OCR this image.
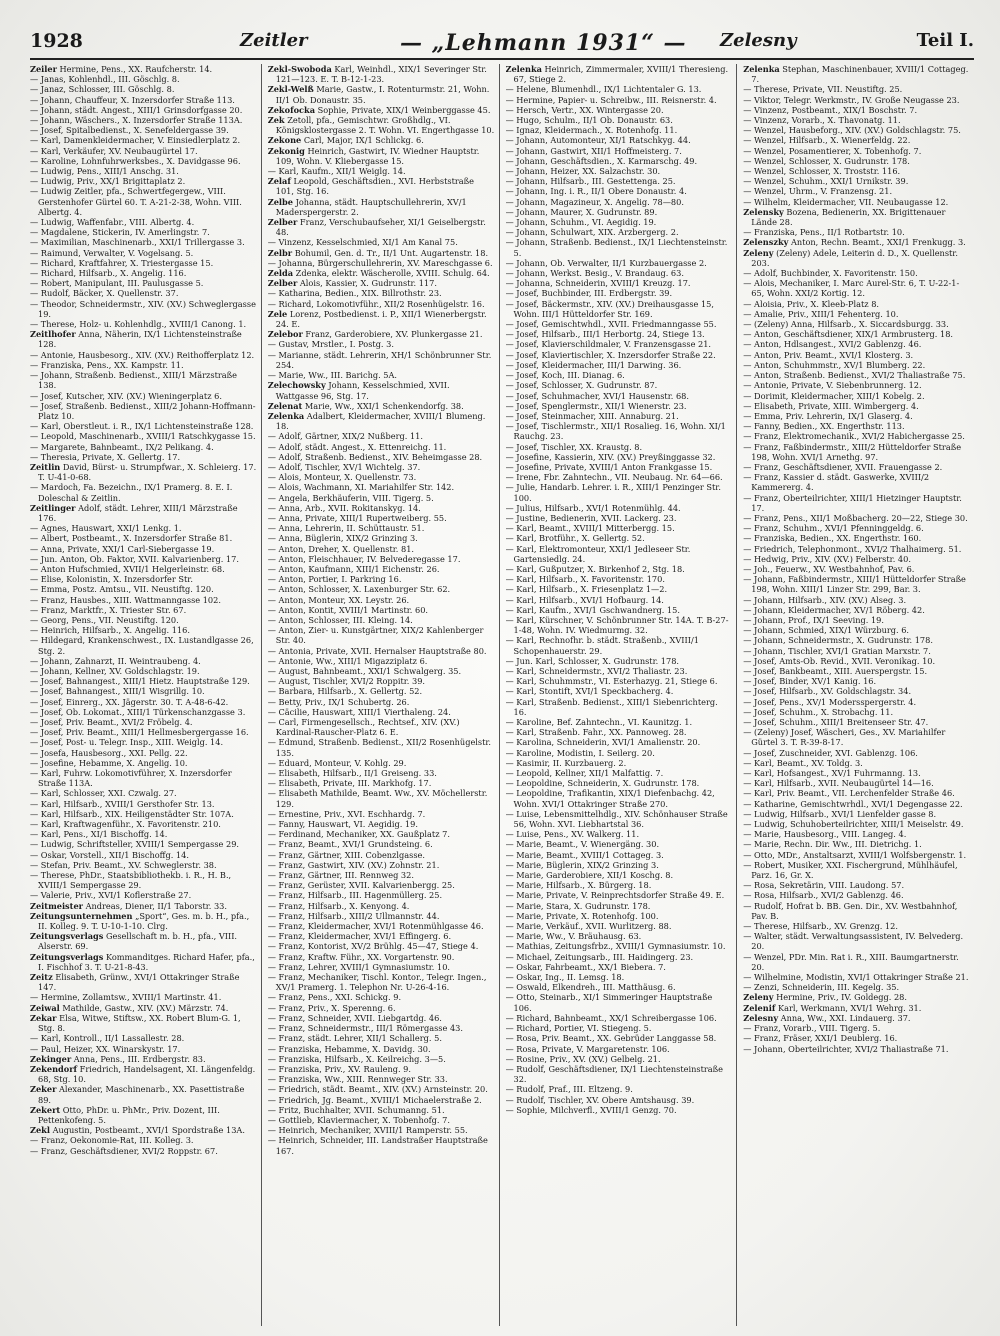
1928	Zeitler	— „Lehmann 1931“ — Zelesny	Teil I.

Zeiler Hermine, Pens., XX. Raufcherstr. 14.

— Janas, Kohlenhdl., III. Göschlg. 8.

— Janaz, Schlosser, III. Göschlg. 8.

— Johann, Chauffeur, X. Inzersdorfer Straße 113.

— Johann, städt. Angest., XIII/1 Grinsdorfgasse 20.

— Johann, Wäschers., X. Inzersdorfer Straße 113A.

— Josef, Spitalbedienst., X. Senefeldergasse 39.

— Karl, Damenkleidermacher, V. Einsiedlerplatz 2.

— Karl, Verkäufer, XV. Neubaugürtel 17.

— Karoline, Lohnfuhrwerksbes., X. Davidgasse 96.

— Ludwig, Pens., XIII/1 Anschg. 31.

— Ludwig, Priv., XX/1 Brigittaplatz 2.

— Ludwig Zeitler, pfa., Schwertfegergew., VIII. Gerstenhofer Gürtel 60. T. A-21-2-38, Wohn. VIII. Albertg. 4.

— Ludwig, Waffenfabr., VIII. Albertg. 4.

— Magdalene, Stickerin, IV. Amerlingstr. 7.

— Maximilian, Maschinenarb., XXI/1 Trillergasse 3.

— Raimund, Verwalter, V. Vogelsang. 5.

— Richard, Kraftfahrer, X. Triestergasse 15.

— Richard, Hilfsarb., X. Angelig. 116.

— Robert, Manipulant, III. Paulusgasse 5.

— Rudolf, Bäcker, X. Quellenstr. 37.

— Theodor, Schneidermstr., XIV. (XV.) Schweglergasse 19.

— Therese, Holz- u. Kohlenhdlg., XVIII/1 Canong. 1.

Zeitlhofer Anna, Näherin, IX/1 Lichtensteinstraße 128.

— Antonie, Hausbesorg., XIV. (XV.) Reithofferplatz 12.

— Franziska, Pens., XX. Kampstr. 11.

— Johann, Straßenb. Bedienst., XIII/1 Märzstraße 138.

— Josef, Kutscher, XIV. (XV.) Wieningerplatz 6.

— Josef, Straßenb. Bedienst., XIII/2 Johann-Hoffmann-Platz 10.

— Karl, Oberstleut. i. R., IX/1 Lichtensteinstraße 128.

— Leopold, Maschinenarb., XVIII/1 Ratschkygasse 15.

— Margarete, Bahnbeamt., IX/2 Pelikang. 4.

— Theresia, Private, X. Gellertg. 17.

Zeitlin David, Bürst- u. Strumpfwar., X. Schleierg. 17. T. U-41-0-68.

— Mardoch, Fa. Bezeichn., IX/1 Pramerg. 8. E. I. Doleschal & Zeitlin.

Zeitlinger Adolf, städt. Lehrer, XIII/1 Märzstraße 176.

— Agnes, Hauswart, XXI/1 Lenkg. 1.

— Albert, Postbeamt., X. Inzersdorfer Straße 81.

— Anna, Private, XXI/1 Carl-Siebergasse 19.

— Jun. Anton, Ob. Faktor, XVII. Kalvarienberg. 17.

— Anton Hufschmied, XVII/1 Helgerleinstr. 68.

— Elise, Kolonistin, X. Inzersdorfer Str.

— Emma, Postz. Amtsu., VII. Neustiftg. 120.

— Franz, Hausbes., XIII. Wattmanngasse 102.

— Franz, Marktfr., X. Triester Str. 67.

— Georg, Pens., VII. Neustiftg. 120.

— Heinrich, Hilfsarb., X. Angelig. 116.

— Hildegard, Krankenschwest., IX. Lustandlgasse 26, Stg. 2.

— Johann, Zahnarzt, II. Weintraubeng. 4.

— Johann, Kellner, XV. Goldschlagstr. 19.

— Josef, Bahnangest., XIII/1 Hietz. Hauptstraße 129.

— Josef, Bahnangest., XIII/1 Wisgrillg. 10.

— Josef, Einrerg., XX. Jägerstr. 30. T. A-48-6-42.

— Josef, Ob. Lokomat., XIII/1 Türkenschanzgasse 3.

— Josef, Priv. Beamt., XVI/2 Fröbelg. 4.

— Josef, Priv. Beamt., XIII/1 Hellmesbergergasse 16.

— Josef, Post- u. Telegr. Insp., XIII. Weiglg. 14.

— Josefa, Hausbesorg., XXI. Pellg. 22.

— Josefine, Hebamme, X. Angelig. 10.

— Karl, Fuhrw. Lokomotivführer, X. Inzersdorfer Straße 113A.

— Karl, Schlosser, XXI. Czwalg. 27.

— Karl, Hilfsarb., XVIII/1 Gersthofer Str. 13.

— Karl, Hilfsarb., XIX. Heiligenstädter Str. 107A.

— Karl, Kraftwagenführ., X. Favoritenstr. 210.

— Karl, Pens., XI/1 Bischoffg. 14.

— Ludwig, Schriftsteller, XVIII/1 Sempergasse 29.

— Oskar, Vorstell., XII/1 Bischoffg. 14.

— Stefan, Priv. Beamt., XV. Schweglerstr. 38.

— Therese, PhDr., Staatsbibliothekb. i. R., H. B., XVIII/1 Sempergasse 29.

— Valerie, Priv., XVI/1 Koflerstraße 27.

Zeitmeister Andreas, Diener, II/1 Taborstr. 33.

Zeitungsunternehmen „Sport“, Ges. m. b. H., pfa., II. Kolleg. 9. T. U-10-1-10. Clrg.

Zeitungsverlags Gesellschaft m. b. H., pfa., VIII. Alserstr. 69.

Zeitungsverlags Kommanditges. Richard Hafer, pfa., I. Fischhof 3. T. U-21-8-43.

Zeitz Elisabeth, Grünw., XVI/1 Ottakringer Straße 147.

— Hermine, Zollamtsw., XVIII/1 Martinstr. 41.

Zeiwal Mathilde, Gastw., XIV. (XV.) Märzstr. 74.

Zekar Elsa, Witwe, Stiftsw., XX. Robert Blum-G. 1, Stg. 8.

— Karl, Kontroll., II/1 Lassallestr. 28.

— Paul, Heizer, XX. Winarskystr. 17.

Zekinger Anna, Pens., III. Erdbergstr. 83.

Zekendorf Friedrich, Handelsagent, XI. Längenfeldg. 68, Stg. 10.

Zeker Alexander, Maschinenarb., XX. Pasettistraße 89.

Zekert Otto, PhDr. u. PhMr., Priv. Dozent, III. Pettenkofeng. 5.

Zekl Augustin, Postbeamt., XVI/1 Spordstraße 13A.

— Franz, Oekonomie-Rat, III. Kolleg. 3.

— Franz, Geschäftsdiener, XVI/2 Roppstr. 67.

Zekl-Swoboda Karl, Weinhdl., XIX/1 Severinger Str. 121—123. E. T. B-12-1-23.

Zekl-Welß Marie, Gastw., I. Rotenturmstr. 21, Wohn. II/1 Ob. Donaustr. 35.

Zekofocka Sophie, Private, XIX/1 Weinberggasse 45.

Zek Zetoll, pfa., Gemischtwr. Großhdlg., VI. Königsklostergasse 2. T. Wohn. VI. Engerthgasse 10.

Zekone Carl, Major, IX/1 Schlickg. 6.

Zekonig Heinrich, Gastwirt, IV. Wiedner Hauptstr. 109, Wohn. V. Kliebergasse 15.

— Karl, Kaufm., XII/1 Weiglg. 14.

Zelaf Leopold, Geschäftsdien., XVI. Herbststraße 101, Stg. 16.

Zelbe Johanna, städt. Hauptschullehrerin, XV/1 Maderspergerstr. 2.

Zelber Franz, Verschubaufseher, XI/1 Geiselbergstr. 48.

— Vinzenz, Kesselschmied, XI/1 Am Kanal 75.

Zelbr Bohumil, Gen. d. Tr., II/1 Unt. Augartenstr. 18.

— Johanna, Bürgerschullehrerin, XV. Mareschgasse 6.

Zelda Zdenka, elektr. Wäscherolle, XVIII. Schulg. 64.

Zelber Alois, Kassier, X. Gudrunstr. 117.

— Katharina, Bedien., XIX. Billrothstr. 23.

— Richard, Lokomotivführ., XII/2 Rosenhügelstr. 16.

Zele Lorenz, Postbedienst. i. P., XII/1 Wienerbergstr. 24. E.

Zelebor Franz, Garderobiere, XV. Plunkergasse 21.

— Gustav, Mrstler., I. Postg. 3.

— Marianne, städt. Lehrerin, XH/1 Schönbrunner Str. 254.

— Marie, Ww., III. Barichg. 5A.

Zelechowsky Johann, Kesselschmied, XVII. Wattgasse 96, Stg. 17.

Zelenat Marie, Ww., XXI/1 Schenkendorfg. 38.

Zelenka Adalbert, Kleidermacher, XVIII/1 Blumeng. 18.

— Adolf, Gärtner, XIX/2 Nußberg. 11.

— Adolf, städt. Angest., X. Ettenreichg. 11.

— Adolf, Straßenb. Bedienst., XIV. Beheimgasse 28.

— Adolf, Tischler, XV/1 Wichtelg. 37.

— Alois, Monteur, X. Quellenstr. 73.

— Alois, Wachmann, XI. Mariahilfer Str. 142.

— Angela, Berkhäuferin, VIII. Tigerg. 5.

— Anna, Arb., XVII. Rokitanskyg. 14.

— Anna, Private, XIII/1 Rupertweiberg. 55.

— Anna, Lehrerin, II. Schüttaustr. 51.

— Anna, Büglerin, XIX/2 Grinzing 3.

— Anton, Dreher, X. Quellenstr. 81.

— Anton, Fleischhauer, IV. Belvederegasse 17.

— Anton, Kaufmann, XIII/1 Eichenstr. 26.

— Anton, Portier, I. Parkring 16.

— Anton, Schlosser, X. Laxenburger Str. 62.

— Anton, Monteur, XX. Leystr. 26.

— Anton, Kontit, XVIII/1 Martinstr. 60.

— Anton, Schlosser, III. Kleing. 14.

— Anton, Zier- u. Kunstgärtner, XIX/2 Kahlenberger Str. 40.

— Antonia, Private, XVII. Hernalser Hauptstraße 80.

— Antonie, Ww., XIII/1 Migazziplatz 6.

— August, Bahnbeamt., XXI/1 Schwalgerg. 35.

— August, Tischler, XVI/2 Roppitr. 39.

— Barbara, Hilfsarb., X. Gellertg. 52.

— Betty, Priv., IX/1 Schubertg. 26.

— Cäcilie, Hauswart, XIII/1 Vierthaleng. 24.

— Carl, Firmengesellsch., Rechtsef., XIV. (XV.) Kardinal-Rauscher-Platz 6. E.

— Edmund, Straßenb. Bedienst., XII/2 Rosenhügelstr. 135.

— Eduard, Monteur, V. Kohlg. 29.

— Elisabeth, Hilfsarb., II/1 Greiseng. 33.

— Elisabeth, Private, III. Markhofg. 17.

— Elisabeth Mathilde, Beamt. Ww., XV. Möchellerstr. 129.

— Ernestine, Priv., XVI. Eschhardg. 7.

— Fanny, Hauswart, VI. Aegidig. 19.

— Ferdinand, Mechaniker, XX. Gaußplatz 7.

— Franz, Beamt., XVI/1 Grundsteing. 6.

— Franz, Gärtner, XIII. Cobenzlgasse.

— Franz, Gastwirt, XIV. (XV.) Zohnstr. 21.

— Franz, Gärtner, III. Rennweg 32.

— Franz, Gerüster, XVII. Kalvarienbergg. 25.

— Franz, Hilfsarb., III. Hagenmüllerg. 25.

— Franz, Hilfsarb., X. Kenyong. 4.

— Franz, Hilfsarb., XIII/2 Ullmannstr. 44.

— Franz, Kleidermacher, XVI/1 Rotenmühlgasse 46.

— Franz, Kleidermacher, XVI/1 Effingerg. 6.

— Franz, Kontorist, XV/2 Brühlg. 45—47, Stiege 4.

— Franz, Kraftw. Führ., XX. Vorgartenstr. 90.

— Franz, Lehrer, XVIII/1 Gymnasiumstr. 10.

— Franz, Mechaniker, Tischl. Kontor., Telegr. Ingen., XV/1 Pramerg. 1. Telephon Nr. U-26-4-16.

— Franz, Pens., XXI. Schickg. 9.

— Franz, Priv., X. Sperenng. 6.

— Franz, Schneider, XVII. Liebgartdg. 46.

— Franz, Schneidermstr., III/1 Römergasse 43.

— Franz, städt. Lehrer, XII/1 Schallerg. 5.

— Franziska, Hebamme, X. Davidg. 30.

— Franziska, Hilfsarb., X. Keilreichg. 3—5.

— Franziska, Priv., XV. Rauleng. 9.

— Franziska, Ww., XIII. Rennweger Str. 33.

— Friedrich, städt. Beamt., XIV. (XV.) Arnsteinstr. 20.

— Friedrich, Jg. Beamt., XVIII/1 Michaelerstraße 2.

— Fritz, Buchhalter, XVII. Schumanng. 51.

— Gottlieb, Klaviermacher, X. Tobenhofg. 7.

— Heinrich, Mechaniker, XVIII/1 Ramperstr. 55.

— Heinrich, Schneider, III. Landstraßer Hauptstraße 167.

Zelenka Heinrich, Zimmermaler, XVIII/1 Theresieng. 67, Stiege 2.

— Helene, Blumenhdl., IX/1 Lichtentaler G. 13.

— Hermine, Papier- u. Schreibw., III. Reisnerstr. 4.

— Hersch, Vertr., XX. Wintergasse 20.

— Hugo, Schulm., II/1 Ob. Donaustr. 63.

— Ignaz, Kleidermach., X. Rotenhofg. 11.

— Johann, Automonteur, XI/1 Ratschkyg. 44.

— Johann, Gastwirt, XII/1 Hoffmeisterg. 7.

— Johann, Geschäftsdien., X. Karmarschg. 49.

— Johann, Heizer, XX. Salzachstr. 30.

— Johann, Hilfsarb., III. Gestettenga. 25.

— Johann, Ing. i. R., II/1 Obere Donaustr. 4.

— Johann, Magazineur, X. Angelig. 78—80.

— Johann, Maurer, X. Gudrunstr. 89.

— Johann, Schuhm., VI. Aegidig. 19.

— Johann, Schulwart, XIX. Arzbergerg. 2.

— Johann, Straßenb. Bedienst., IX/1 Liechtensteinstr. 5.

— Johann, Ob. Verwalter, II/1 Kurzbauergasse 2.

— Johann, Werkst. Besig., V. Brandaug. 63.

— Johanna, Schneiderin, XVIII/1 Kreuzg. 17.

— Josef, Buchbinder, III. Erdbergstr. 39.

— Josef, Bäckermstr., XIV. (XV.) Dreihausgasse 15, Wohn. III/1 Hütteldorfer Str. 169.

— Josef, Gemischtwhdl., XVII. Friedmanngasse 55.

— Josef, Hilfsarb., III/1 Herbortg. 24, Stiege 13.

— Josef, Klavierschildmaler, V. Franzensgasse 21.

— Josef, Klaviertischler, X. Inzersdorfer Straße 22.

— Josef, Kleidermacher, III/1 Darwing. 36.

— Josef, Koch, III. Dianag. 6.

— Josef, Schlosser, X. Gudrunstr. 87.

— Josef, Schuhmacher, XVI/1 Hausenstr. 68.

— Josef, Spenglermstr., XII/1 Wienerstr. 23.

— Josef, Steinmacher, XIII. Annaburg. 21.

— Josef, Tischlermstr., XII/1 Rosalieg. 16, Wohn. XI/1 Rauchg. 23.

— Josef, Tischler, XX. Kraustg. 8.

— Josefine, Kassierin, XIV. (XV.) Preyßinggasse 32.

— Josefine, Private, XVIII/1 Anton Frankgasse 15.

— Irene, Fbr. Zahntechn., VII. Neubaug. Nr. 64—66.

— Julie, Handarb. Lehrer. i. R., XIII/1 Penzinger Str. 100.

— Julius, Hilfsarb., XVI/1 Rotenmühlg. 44.

— Justine, Bedienerin, XVII. Lackerg. 23.

— Karl, Beamt., XVIII/1 Mitterbergg. 15.

— Karl, Brotführ., X. Gellertg. 52.

— Karl, Elektromonteur, XXI/1 Jedleseer Str. Gartensiedlg. 24.

— Karl, Gußputzer, X. Birkenhof 2, Stg. 18.

— Karl, Hilfsarb., X. Favoritenstr. 170.

— Karl, Hilfsarb., X. Friesenplatz 1—2.

— Karl, Hilfsarb., XVI/1 Hofbaurg. 14.

— Karl, Kaufm., XVI/1 Gschwandnerg. 15.

— Karl, Kürschner, V. Schönbrunner Str. 14A. T. B-27-1-48, Wohn. IV. Wiedmurmg. 32.

— Karl, Rechnofhr. b. städt. Straßenb., XVIII/1 Schopenhauerstr. 29.

— Jun. Karl, Schlosser, X. Gudrunstr. 178.

— Karl, Schneidermstr., XVI/2 Thaliastr. 23.

— Karl, Schuhmmstr., VI. Esterhazyg. 21, Stiege 6.

— Karl, Stontift, XVI/1 Speckbacherg. 4.

— Karl, Straßenb. Bedienst., XIII/1 Siebenrichterg. 16.

— Karoline, Bef. Zahntechn., VI. Kaunitzg. 1.

— Karl, Straßenb. Fahr., XX. Pannoweg. 28.

— Karolina, Schneiderin, XVI/1 Amalienstr. 20.

— Karoline, Modistin, I. Seilerg. 20.

— Kasimir, II. Kurzbauerg. 2.

— Leopold, Kellner, XII/1 Malfattig. 7.

— Leopoldine, Schneiderin, X. Gudrunstr. 178.

— Leopoldine, Trafikantin, XIX/1 Diefenbachg. 42, Wohn. XVI/1 Ottakringer Straße 270.

— Luise, Lebensmittelhdlg., XIV. Schönhauser Straße 56, Wohn. XVI. Liebhartstal 36.

— Luise, Pens., XV. Walkerg. 11.

— Marie, Beamt., V. Wienergäng. 30.

— Marie, Beamt., XVIII/1 Cottageg. 3.

— Marie, Büglerin, XIX/2 Grinzing 3.

— Marie, Garderobiere, XII/1 Koschg. 8.

— Marie, Hilfsarb., X. Bürgerg. 18.

— Marie, Private, V. Reinprechtsdorfer Straße 49. E.

— Marie, Stara, X. Gudrunstr. 178.

— Marie, Private, X. Rotenhofg. 100.

— Marie, Verkäuf., XVII. Wurlitzerg. 88.

— Marie, Ww., V. Bräuhausg. 63.

— Mathias, Zeitungsfrbz., XVIII/1 Gymnasiumstr. 10.

— Michael, Zeitungsarb., III. Haidingerg. 23.

— Oskar, Fahrbeamt., XX/1 Biebera. 7.

— Oskar, Ing., II. Lemsg. 18.

— Oswald, Elkendreh., III. Matthäusg. 6.

— Otto, Steinarb., XI/1 Simmeringer Hauptstraße 106.

— Richard, Bahnbeamt., XX/1 Schreibergasse 106.

— Richard, Portier, VI. Stiegeng. 5.

— Rosa, Priv. Beamt., XX. Gebrüder Langgasse 58.

— Rosa, Private, V. Margaretenstr. 106.

— Rosine, Priv., XV. (XV.) Gelbelg. 21.

— Rudolf, Geschäftsdiener, IX/1 Liechtensteinstraße 32.

— Rudolf, Praf., III. Eltzeng. 9.

— Rudolf, Tischler, XV. Obere Amtshausg. 39.

— Sophie, Milchverfl., XVIII/1 Genzg. 70.

Zelenka Stephan, Maschinenbauer, XVIII/1 Cottageg. 7.

— Therese, Private, VII. Neustiftg. 25.

— Viktor, Telegr. Werkmstr., IV. Große Neugasse 23.

— Vinzenz, Postbeamt., XIX/1 Boschstr. 7.

— Vinzenz, Vorarb., X. Thavonatg. 11.

— Wenzel, Hausbeforg., XIV. (XV.) Goldschlagstr. 75.

— Wenzel, Hilfsarb., X. Wienerfeldg. 22.

— Wenzel, Posamentierer, X. Tobenhofg. 7.

— Wenzel, Schlosser, X. Gudrunstr. 178.

— Wenzel, Schlosser, X. Troststr. 116.

— Wenzel, Schuhm., XXI/1 Urnikstr. 39.

— Wenzel, Uhrm., V. Franzensg. 21.

— Wilhelm, Kleidermacher, VII. Neubaugasse 12.

Zelensky Bozena, Bedienerin, XX. Brigittenauer Lände 28.

— Franziska, Pens., II/1 Rotbartstr. 10.

Zelenszky Anton, Rechn. Beamt., XXI/1 Frenkugg. 3.

Zeleny (Zeleny) Adele, Leiterin d. D., X. Quellenstr. 203.

— Adolf, Buchbinder, X. Favoritenstr. 150.

— Alois, Mechaniker, I. Marc Aurel-Str. 6, T. U-22-1-65, Wohn. XXI/2 Kortig. 12.

— Aloisia, Priv., X. Kleeb-Platz 8.

— Amalie, Priv., XIII/1 Fehenterg. 10.

— (Zeleny) Anna, Hilfsarb., X. Siccardsburgg. 33.

— Anton, Geschäftsdiener, XIX/1 Armbrusterg. 18.

— Anton, Hdlsangest., XVI/2 Gablenzg. 46.

— Anton, Priv. Beamt., XVI/1 Klosterg. 3.

— Anton, Schuhmmstr., XV/1 Blumberg. 22.

— Anton, Straßenb. Bedienst., XVI/2 Thaliastraße 75.

— Antonie, Private, V. Siebenbrunnerg. 12.

— Dorimit, Kleidermacher, XIII/1 Kobelg. 2.

— Elisabeth, Private, XIII. Wimbergerg. 4.

— Emma, Priv. Lehrerin, IX/1 Glaserg. 4.

— Fanny, Bedien., XX. Engerthstr. 113.

— Franz, Elektromechanik., XVI/2 Habichergasse 25.

— Franz, Faßbindermstr., XIII/2 Hütteldorfer Straße 198, Wohn. XVI/1 Arnethg. 97.

— Franz, Geschäftsdiener, XVII. Frauengasse 2.

— Franz, Kassier d. städt. Gaswerke, XVIII/2 Kammererg. 4.

— Franz, Oberteilrichter, XIII/1 Hietzinger Hauptstr. 17.

— Franz, Pens., XII/1 Moßbacherg. 20—22, Stiege 30.

— Franz, Schuhm., XVI/1 Pfenninggeldg. 6.

— Franziska, Bedien., XX. Engerthstr. 160.

— Friedrich, Telephonmont., XVI/2 Thalhaimerg. 51.

— Hedwig, Priv., XIV. (XV.) Felberstr. 40.

— Joh., Feuerw., XV. Westbahnhof, Pav. 6.

— Johann, Faßbindermstr., XIII/1 Hütteldorfer Straße 198, Wohn. XIII/1 Linzer Str. 299, Bar. 3.

— Johann, Hilfsarb., XIV. (XV.) Alseg. 3.

— Johann, Kleidermacher, XV/1 Röberg. 42.

— Johann, Prof., IX/1 Seeving. 19.

— Johann, Schmied, XIX/1 Würzburg. 6.

— Johann, Schneidermstr., X. Gudrunstr. 178.

— Johann, Tischler, XVI/1 Gratian Marxstr. 7.

— Josef, Amts-Ob. Revid., XVII. Veronikag. 10.

— Josef, Bankbeamt., XIII. Auerspergstr. 15.

— Josef, Binder, XV/1 Kanig. 16.

— Josef, Hilfsarb., XV. Goldschlagstr. 34.

— Josef, Pens., XV/1 Modersspergerstr. 4.

— Josef, Schuhm., X. Strobachg. 11.

— Josef, Schuhm., XIII/1 Breitenseer Str. 47.

— (Zeleny) Josef, Wäscheri, Ges., XV. Mariahilfer Gürtel 3. T. R-39-8-17.

— Josef, Zuschneider, XVI. Gablenzg. 106.

— Karl, Beamt., XV. Toldg. 3.

— Karl, Hofsangest., XV/1 Fuhrmanng. 13.

— Karl, Hilfsarb., XVII. Neubaugürtel 14—16.

— Karl, Priv. Beamt., VII. Lerchenfelder Straße 46.

— Katharine, Gemischtwrhdl., XVI/1 Degengasse 22.

— Ludwig, Hilfsarb., XVI/1 Lienfelder gasse 8.

— Ludwig, Schuhoberteilrichter, XIII/1 Meiselstr. 49.

— Marie, Hausbesorg., VIII. Langeg. 4.

— Marie, Rechn. Dir. Ww., III. Dietrichg. 1.

— Otto, MDr., Anstaltsarzt, XVIII/1 Wolfsbergenstr. 1.

— Robert, Musiker, XXI. Fischergrund, Mühlhäufel, Parz. 16, Gr. X.

— Rosa, Sekretärin, VIII. Laudong. 57.

— Rosa, Hilfsarb., XVI/2 Gablenzg. 46.

— Rudolf, Hofrat b. BB. Gen. Dir., XV. Westbahnhof, Pav. B.

— Therese, Hilfsarb., XV. Grenzg. 12.

— Walter, städt. Verwaltungsassistent, IV. Belvederg. 20.

— Wenzel, PDr. Min. Rat i. R., XIII. Baumgartnerstr. 20.

— Wilhelmine, Modistin, XVI/1 Ottakringer Straße 21.

— Zenzi, Schneiderin, III. Kegelg. 35.

Zeleny Hermine, Priv., IV. Goldegg. 28.

Zelenif Karl, Werkmann, XVI/1 Wehrg. 31.

Zelesny Anna, Ww., XXI. Lindauerg. 37.

— Franz, Vorarb., VIII. Tigerg. 5.

— Franz, Fräser, XXI/1 Deublerg. 16.

— Johann, Oberteilrichter, XVI/2 Thaliastraße 71.
